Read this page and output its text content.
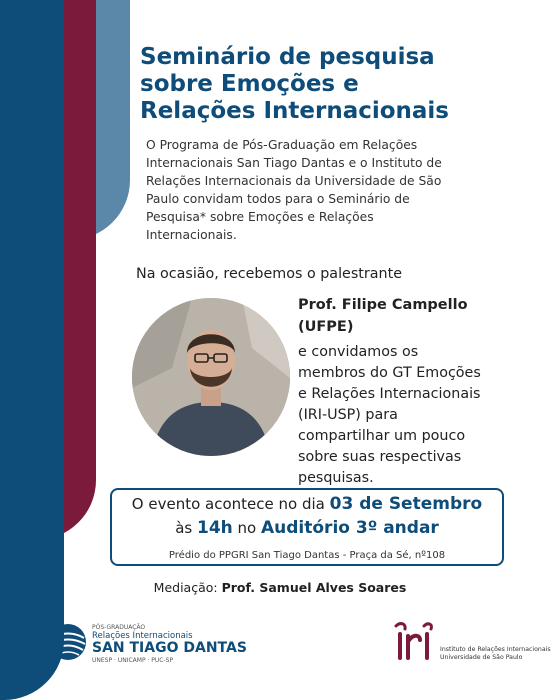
Seminário de pesquisa
sobre Emoções e
Relações Internacionais

O Programa de Pós-Graduação em Relações
Internacionais San Tiago Dantas e o Instituto de
Relações Internacionais da Universidade de São
Paulo convidam todos para o Seminário de
Pesquisa* sobre Emoções e Relações
Internacionais.

Na ocasião, recebemos o palestrante

Prof. Filipe Campello
(UFPE)

e convidamos os
membros do GT Emoções
e Relações Internacionais
(IRI-USP) para
compartilhar um pouco
sobre suas respectivas
pesquisas.

O evento acontece no dia 03 de Setembro

às 14h no Auditório 3º andar

Prédio do PPGRI San Tiago Dantas - Praça da Sé, nº108

Mediação: Prof. Samuel Alves Soares

PÓS-GRADUAÇÃO

Relações Internacionais

SAN TIAGO DANTAS

UNESP · UNICAMP · PUC-SP

Instituto de Relações Internacionais
Universidade de São Paulo
